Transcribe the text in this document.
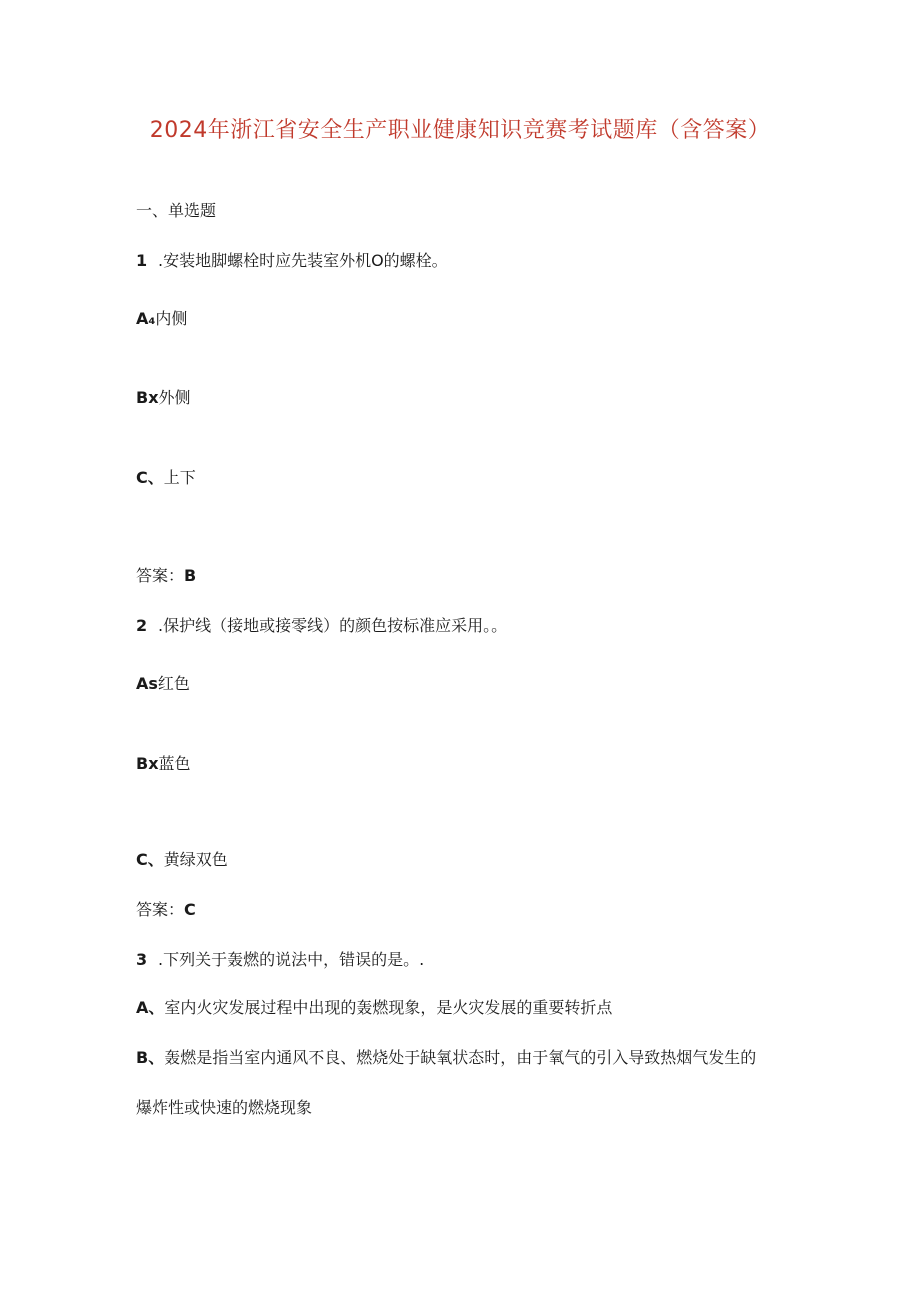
2024年浙江省安全生产职业健康知识竞赛考试题库（含答案）
一、单选题
1 .安装地脚螺栓时应先装室外机O的螺栓。
A₄内侧
Bx外侧
C、上下
答案：B
2 .保护线（接地或接零线）的颜色按标准应采用。。
As红色
Bx蓝色
C、黄绿双色
答案：C
3 .下列关于轰燃的说法中，错误的是。.
A、室内火灾发展过程中出现的轰燃现象，是火灾发展的重要转折点
B、轰燃是指当室内通风不良、燃烧处于缺氧状态时，由于氧气的引入导致热烟气发生的
爆炸性或快速的燃烧现象
